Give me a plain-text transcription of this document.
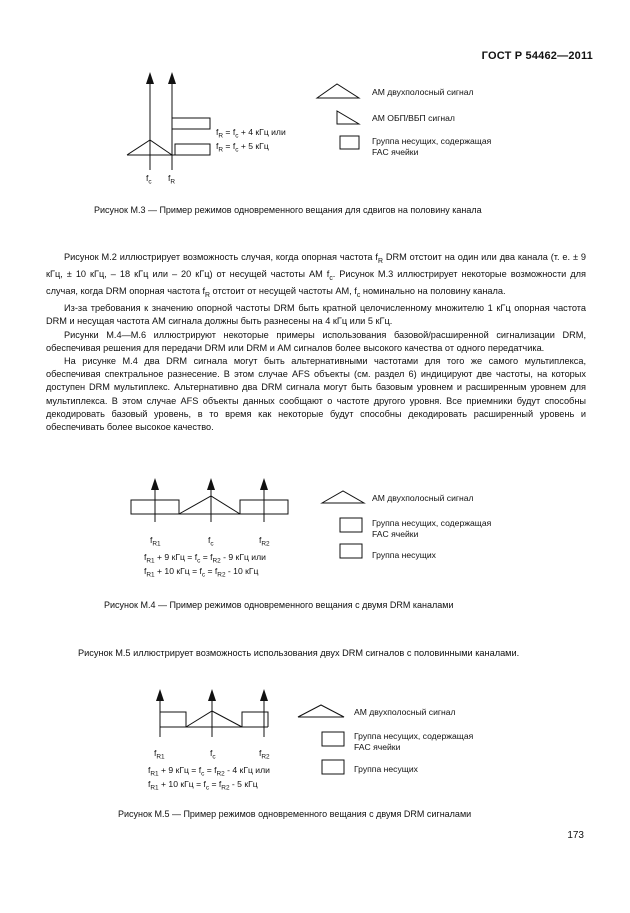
ГОСТ Р 54462—2011
$f_c$ $f_R$
$f_R = f_c + 4$ кГц или
$f_R = f_c + 5$ кГц
АМ двухполосный сигнал
АМ ОБП/ВБП сигнал
Группа несущих, содержащая
FAC ячейки
Рисунок М.3 — Пример режимов одновременного вещания для сдвигов на половину канала

Рисунок М.2 иллюстрирует возможность случая, когда опорная частота $f_R$ DRM отстоит на один или два канала (т. е. ± 9 кГц, ± 10 кГц, – 18 кГц или – 20 кГц) от несущей частоты АМ $f_c$. Рисунок М.3 иллюстрирует некоторые возможности для случая, когда DRM опорная частота $f_R$ отстоит от несущей частоты АМ, $f_c$ номинально на половину канала.

Из-за требования к значению опорной частоты DRM быть кратной целочисленному множителю 1 кГц опорная частота DRM и несущая частота АМ сигнала должны быть разнесены на 4 кГц или 5 кГц.

Рисунки М.4—М.6 иллюстрируют некоторые примеры использования базовой/расширенной сигнализации DRM, обеспечивая решения для передачи DRM или DRM и АМ сигналов более высокого качества от одного передатчика.

На рисунке М.4 два DRM сигнала могут быть альтернативными частотами для того же самого мультиплекса, обеспечивая спектральное разнесение. В этом случае AFS объекты (см. раздел 6) индицируют две частоты, на которых доступен DRM мультиплекс. Альтернативно два DRM сигнала могут быть базовым уровнем и расширенным уровнем для мультиплекса. В этом случае AFS объекты данных сообщают о частоте другого уровня. Все приемники будут способны декодировать базовый уровень, в то время как некоторые будут способны декодировать расширенный уровень и обеспечивать более высокое качество.

$f_{R1}$	$f_c$	$f_{R2}$
$f_{R1} + 9$ кГц = $f_c = f_{R2} - 9$ кГц или
$f_{R1} + 10$ кГц = $f_c = f_{R2} - 10$ кГц
АМ двухполосный сигнал
Группа несущих, содержащая
FAC ячейки
Группа несущих
Рисунок М.4 — Пример режимов одновременного вещания с двумя DRM каналами
Рисунок М.5 иллюстрирует возможность использования двух DRM сигналов с половинными каналами.
$f_{R1}$	$f_c$	$f_{R2}$
$f_{R1} + 9$ кГц = $f_c = f_{R2} - 4$ кГц или
$f_{R1} + 10$ кГц = $f_c = f_{R2} - 5$ кГц
АМ двухполосный сигнал
Группа несущих, содержащая
FAC ячейки
Группа несущих
Рисунок М.5 — Пример режимов одновременного вещания с двумя DRM сигналами
173
